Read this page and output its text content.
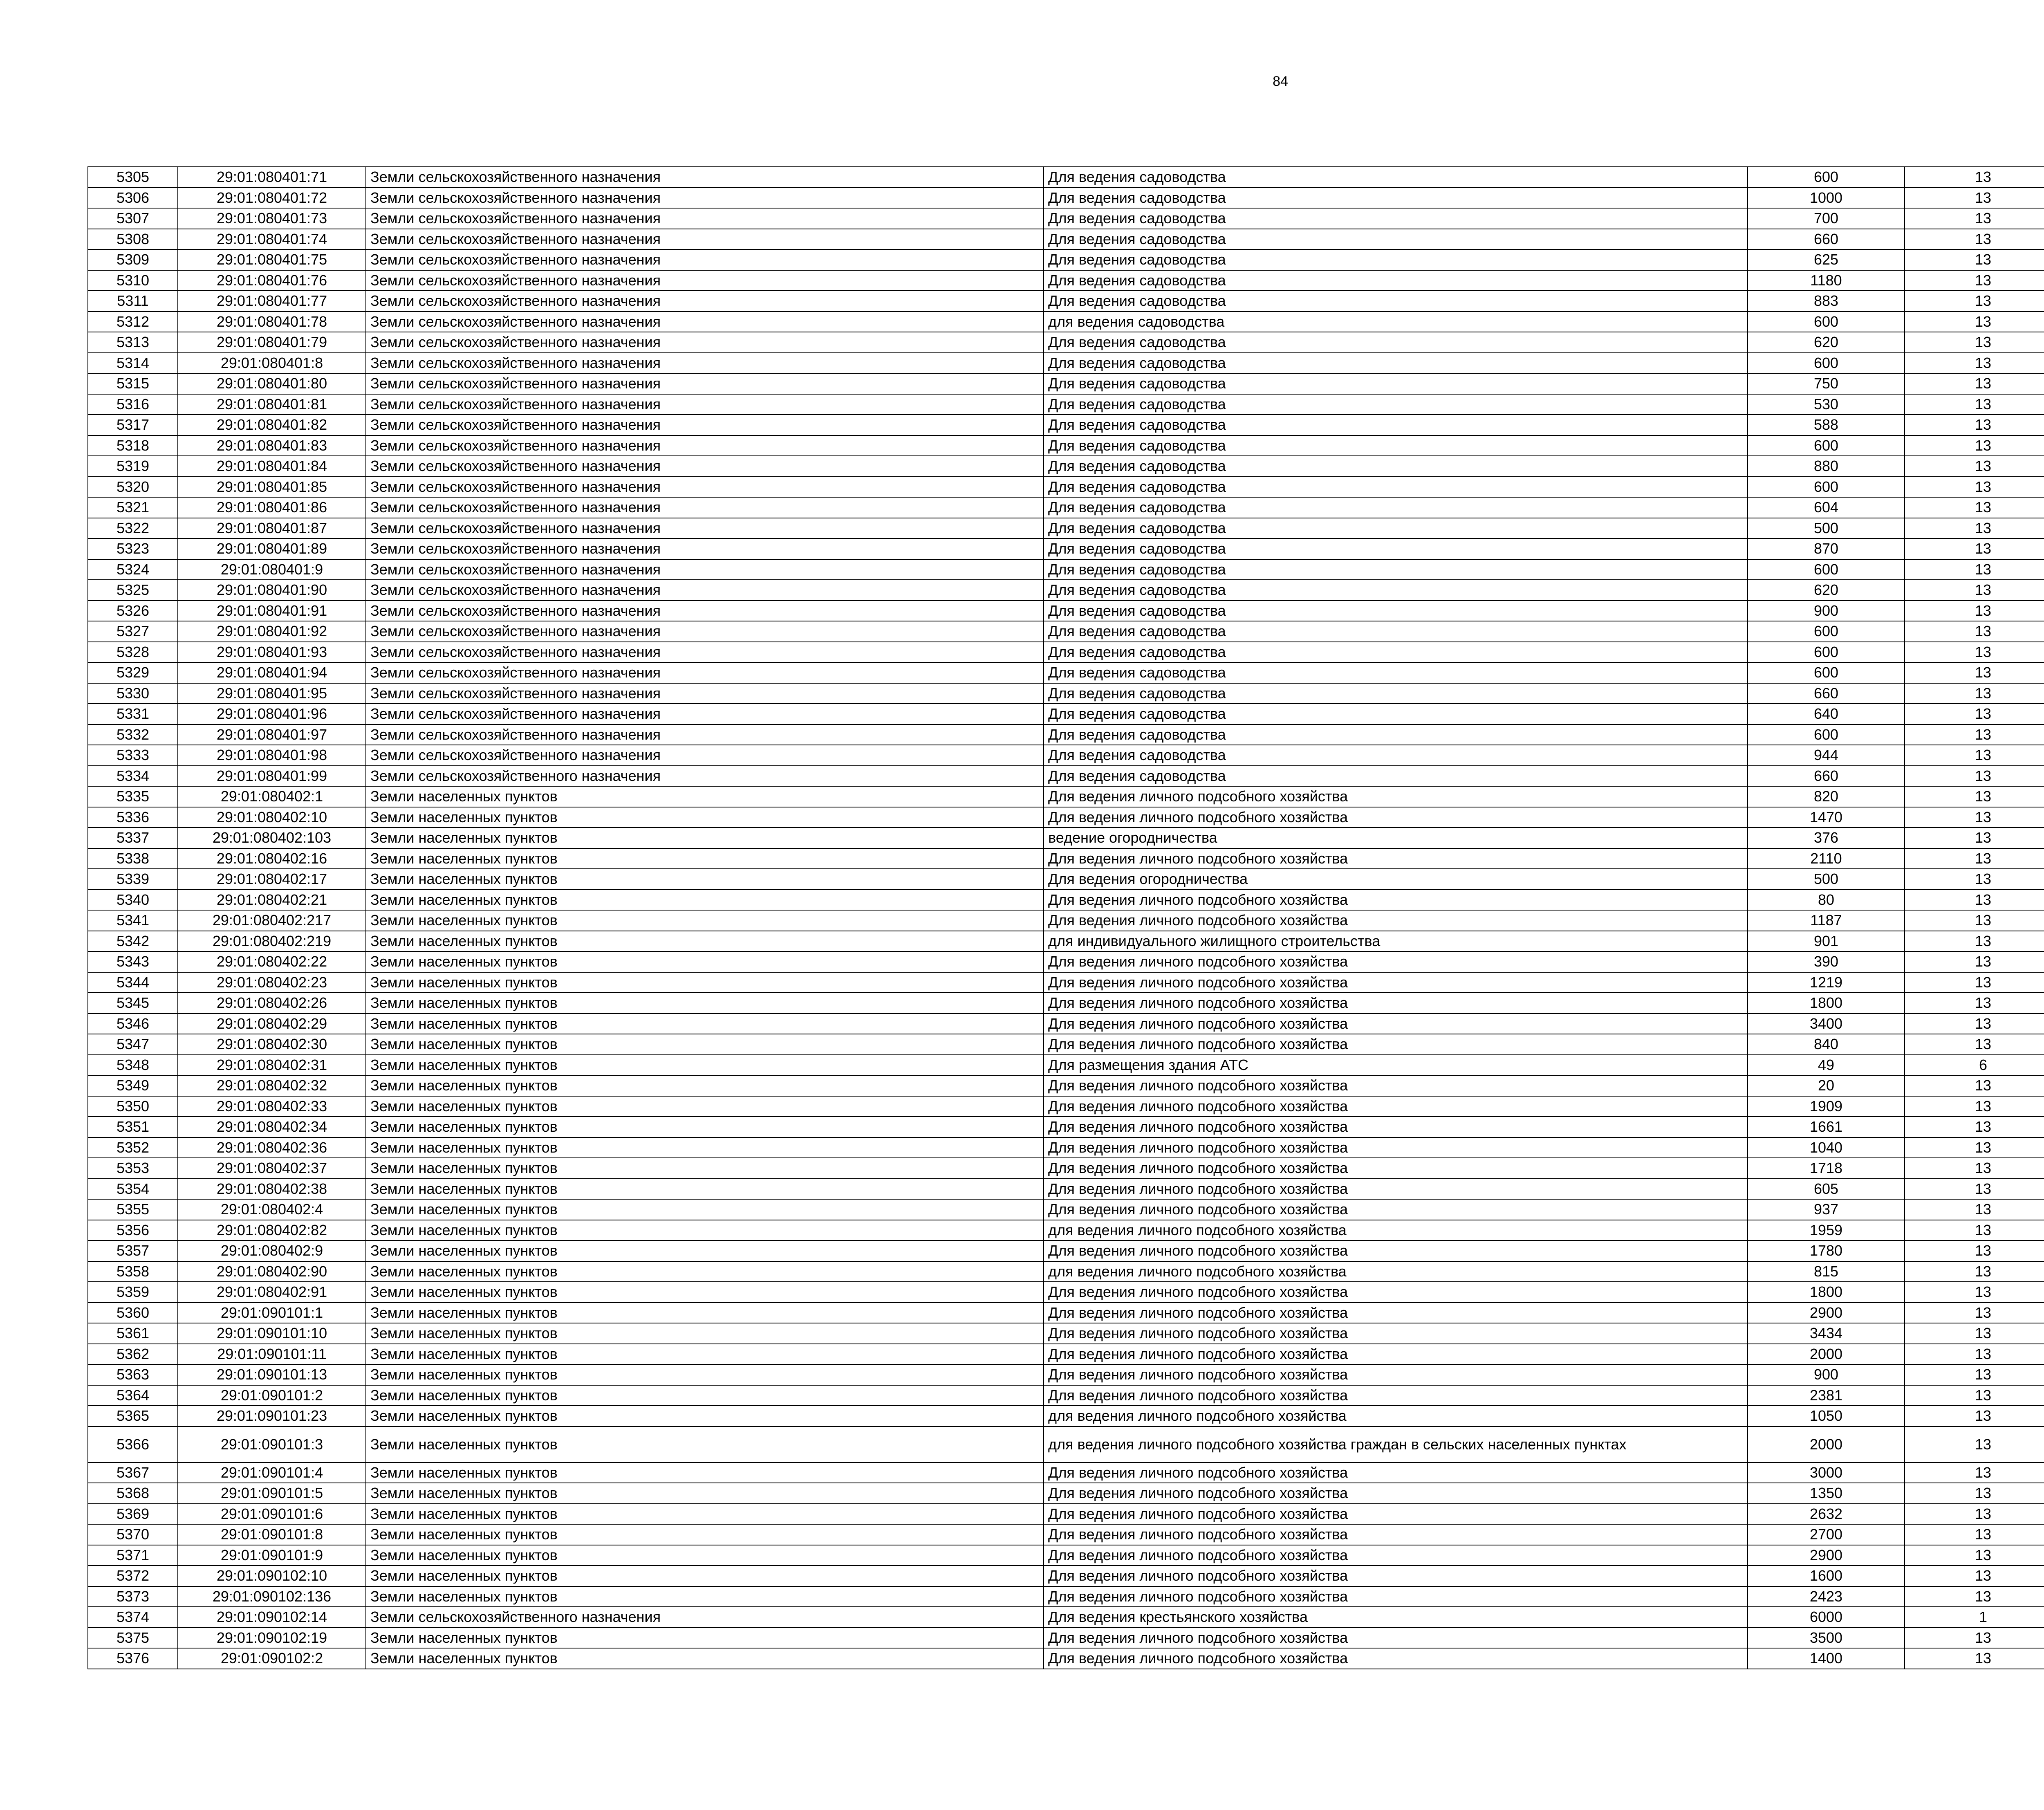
84
5305	29:01:080401:71	Земли сельскохозяйственного назначения	Для ведения садоводства	600	13		
5306	29:01:080401:72	Земли сельскохозяйственного назначения	Для ведения садоводства	1000	13		
5307	29:01:080401:73	Земли сельскохозяйственного назначения	Для ведения садоводства	700	13		
5308	29:01:080401:74	Земли сельскохозяйственного назначения	Для ведения садоводства	660	13		
5309	29:01:080401:75	Земли сельскохозяйственного назначения	Для ведения садоводства	625	13		
5310	29:01:080401:76	Земли сельскохозяйственного назначения	Для ведения садоводства	1180	13		
5311	29:01:080401:77	Земли сельскохозяйственного назначения	Для ведения садоводства	883	13		
5312	29:01:080401:78	Земли сельскохозяйственного назначения	для ведения садоводства	600	13		
5313	29:01:080401:79	Земли сельскохозяйственного назначения	Для ведения садоводства	620	13		
5314	29:01:080401:8	Земли сельскохозяйственного назначения	Для ведения садоводства	600	13		
5315	29:01:080401:80	Земли сельскохозяйственного назначения	Для ведения садоводства	750	13		
5316	29:01:080401:81	Земли сельскохозяйственного назначения	Для ведения садоводства	530	13		
5317	29:01:080401:82	Земли сельскохозяйственного назначения	Для ведения садоводства	588	13		
5318	29:01:080401:83	Земли сельскохозяйственного назначения	Для ведения садоводства	600	13		
5319	29:01:080401:84	Земли сельскохозяйственного назначения	Для ведения садоводства	880	13		
5320	29:01:080401:85	Земли сельскохозяйственного назначения	Для ведения садоводства	600	13		
5321	29:01:080401:86	Земли сельскохозяйственного назначения	Для ведения садоводства	604	13		
5322	29:01:080401:87	Земли сельскохозяйственного назначения	Для ведения садоводства	500	13		
5323	29:01:080401:89	Земли сельскохозяйственного назначения	Для ведения садоводства	870	13		
5324	29:01:080401:9	Земли сельскохозяйственного назначения	Для ведения садоводства	600	13		
5325	29:01:080401:90	Земли сельскохозяйственного назначения	Для ведения садоводства	620	13		
5326	29:01:080401:91	Земли сельскохозяйственного назначения	Для ведения садоводства	900	13		
5327	29:01:080401:92	Земли сельскохозяйственного назначения	Для ведения садоводства	600	13		
5328	29:01:080401:93	Земли сельскохозяйственного назначения	Для ведения садоводства	600	13		
5329	29:01:080401:94	Земли сельскохозяйственного назначения	Для ведения садоводства	600	13		
5330	29:01:080401:95	Земли сельскохозяйственного назначения	Для ведения садоводства	660	13		
5331	29:01:080401:96	Земли сельскохозяйственного назначения	Для ведения садоводства	640	13		
5332	29:01:080401:97	Земли сельскохозяйственного назначения	Для ведения садоводства	600	13		
5333	29:01:080401:98	Земли сельскохозяйственного назначения	Для ведения садоводства	944	13		
5334	29:01:080401:99	Земли сельскохозяйственного назначения	Для ведения садоводства	660	13		
5335	29:01:080402:1	Земли населенных пунктов	Для ведения личного подсобного хозяйства	820	13		
5336	29:01:080402:10	Земли населенных пунктов	Для ведения личного подсобного хозяйства	1470	13		
5337	29:01:080402:103	Земли населенных пунктов	ведение огородничества	376	13		
5338	29:01:080402:16	Земли населенных пунктов	Для ведения личного подсобного хозяйства	2110	13		
5339	29:01:080402:17	Земли населенных пунктов	Для ведения огородничества	500	13		
5340	29:01:080402:21	Земли населенных пунктов	Для ведения личного подсобного хозяйства	80	13		
5341	29:01:080402:217	Земли населенных пунктов	Для ведения личного подсобного хозяйства	1187	13		
5342	29:01:080402:219	Земли населенных пунктов	для индивидуального жилищного строительства	901	13		
5343	29:01:080402:22	Земли населенных пунктов	Для ведения личного подсобного хозяйства	390	13		
5344	29:01:080402:23	Земли населенных пунктов	Для ведения личного подсобного хозяйства	1219	13		
5345	29:01:080402:26	Земли населенных пунктов	Для ведения личного подсобного хозяйства	1800	13		
5346	29:01:080402:29	Земли населенных пунктов	Для ведения личного подсобного хозяйства	3400	13		
5347	29:01:080402:30	Земли населенных пунктов	Для ведения личного подсобного хозяйства	840	13		
5348	29:01:080402:31	Земли населенных пунктов	Для размещения здания АТС	49	6		
5349	29:01:080402:32	Земли населенных пунктов	Для ведения личного подсобного хозяйства	20	13		
5350	29:01:080402:33	Земли населенных пунктов	Для ведения личного подсобного хозяйства	1909	13		
5351	29:01:080402:34	Земли населенных пунктов	Для ведения личного подсобного хозяйства	1661	13		
5352	29:01:080402:36	Земли населенных пунктов	Для ведения личного подсобного хозяйства	1040	13		
5353	29:01:080402:37	Земли населенных пунктов	Для ведения личного подсобного хозяйства	1718	13		
5354	29:01:080402:38	Земли населенных пунктов	Для ведения личного подсобного хозяйства	605	13		
5355	29:01:080402:4	Земли населенных пунктов	Для ведения личного подсобного хозяйства	937	13		
5356	29:01:080402:82	Земли населенных пунктов	для ведения личного подсобного хозяйства	1959	13		
5357	29:01:080402:9	Земли населенных пунктов	Для ведения личного подсобного хозяйства	1780	13		
5358	29:01:080402:90	Земли населенных пунктов	для ведения личного подсобного хозяйства	815	13		
5359	29:01:080402:91	Земли населенных пунктов	Для ведения личного подсобного хозяйства	1800	13		
5360	29:01:090101:1	Земли населенных пунктов	Для ведения личного подсобного хозяйства	2900	13		
5361	29:01:090101:10	Земли населенных пунктов	Для ведения личного подсобного хозяйства	3434	13		
5362	29:01:090101:11	Земли населенных пунктов	Для ведения личного подсобного хозяйства	2000	13		
5363	29:01:090101:13	Земли населенных пунктов	Для ведения личного подсобного хозяйства	900	13		
5364	29:01:090101:2	Земли населенных пунктов	Для ведения личного подсобного хозяйства	2381	13		
5365	29:01:090101:23	Земли населенных пунктов	для ведения личного подсобного хозяйства	1050	13		
5366	29:01:090101:3	Земли населенных пунктов	для ведения личного подсобного хозяйства граждан в сельских населенных пунктах	2000	13		
5367	29:01:090101:4	Земли населенных пунктов	Для ведения личного подсобного хозяйства	3000	13		
5368	29:01:090101:5	Земли населенных пунктов	Для ведения личного подсобного хозяйства	1350	13		
5369	29:01:090101:6	Земли населенных пунктов	Для ведения личного подсобного хозяйства	2632	13		
5370	29:01:090101:8	Земли населенных пунктов	Для ведения личного подсобного хозяйства	2700	13		
5371	29:01:090101:9	Земли населенных пунктов	Для ведения личного подсобного хозяйства	2900	13		
5372	29:01:090102:10	Земли населенных пунктов	Для ведения личного подсобного хозяйства	1600	13		
5373	29:01:090102:136	Земли населенных пунктов	Для ведения личного подсобного хозяйства	2423	13		
5374	29:01:090102:14	Земли сельскохозяйственного назначения	Для ведения крестьянского хозяйства	6000	1		
5375	29:01:090102:19	Земли населенных пунктов	Для ведения личного подсобного хозяйства	3500	13		
5376	29:01:090102:2	Земли населенных пунктов	Для ведения личного подсобного хозяйства	1400	13		
